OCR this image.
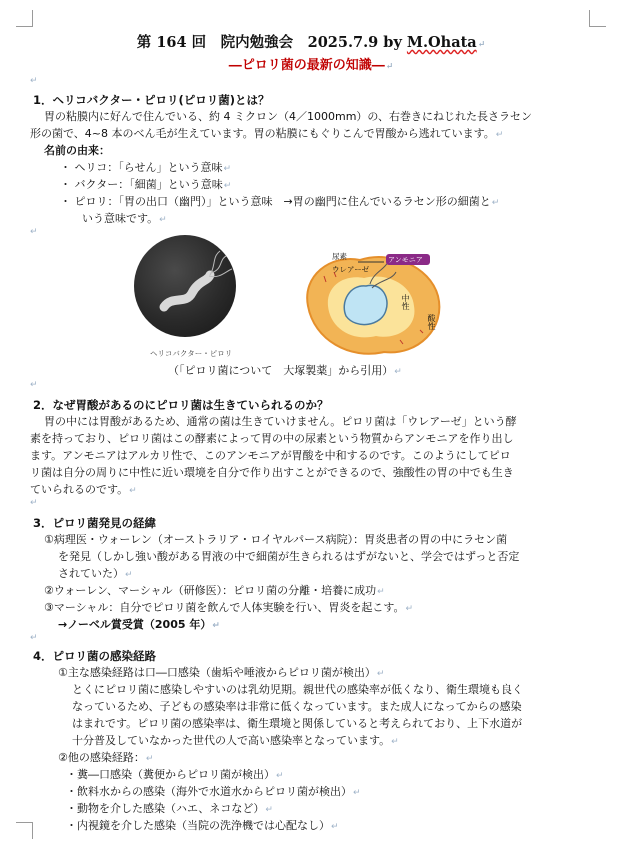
第 164 回　院内勉強会　2025.7.9 by M.Ohata↵
―ピロリ菌の最新の知識―↵
↵
1．ヘリコバクター・ピロリ(ピロリ菌)とは？
胃の粘膜内に好んで住んでいる、約 4 ミクロン（4／1000mm）の、右巻きにねじれた長さラセン
形の菌で、4~8 本のべん毛が生えています。胃の粘膜にもぐりこんで胃酸から逃れています。↵
名前の由来：
・ ヘリコ：「らせん」という意味↵
・ バクター：「細菌」という意味↵
・ ピロリ：「胃の出口（幽門）」という意味　→胃の幽門に住んでいるラセン形の細菌と↵
いう意味です。↵
↵
ヘリコバクター・ピロリ
尿素	アンモニア
ウレアーゼ
中性
酸性
（「ピロリ菌について　大塚製薬」から引用）↵
↵
2．なぜ胃酸があるのにピロリ菌は生きていられるのか？
胃の中には胃酸があるため、通常の菌は生きていけません。ピロリ菌は「ウレアーゼ」という酵
素を持っており、ピロリ菌はこの酵素によって胃の中の尿素という物質からアンモニアを作り出し
ます。アンモニアはアルカリ性で、このアンモニアが胃酸を中和するのです。このようにしてピロ
リ菌は自分の周りに中性に近い環境を自分で作り出すことができるので、強酸性の胃の中でも生き
ていられるのです。↵
↵
3．ピロリ菌発見の経緯
①病理医・ウォーレン（オーストラリア・ロイヤルパース病院）：胃炎患者の胃の中にラセン菌
を発見（しかし強い酸がある胃液の中で細菌が生きられるはずがないと、学会ではずっと否定
されていた）↵
②ウォーレン、マーシャル（研修医）：ピロリ菌の分離・培養に成功↵
③マーシャル：自分でピロリ菌を飲んで人体実験を行い、胃炎を起こす。↵
→ノーベル賞受賞（2005 年）↵
↵
4．ピロリ菌の感染経路
①主な感染経路は口―口感染（歯垢や唾液からピロリ菌が検出）↵
とくにピロリ菌に感染しやすいのは乳幼児期。親世代の感染率が低くなり、衛生環境も良く
なっているため、子どもの感染率は非常に低くなっています。また成人になってからの感染
はまれです。ピロリ菌の感染率は、衛生環境と関係していると考えられており、上下水道が
十分普及していなかった世代の人で高い感染率となっています。↵
②他の感染経路：↵
・糞―口感染（糞便からピロリ菌が検出）↵
・飲料水からの感染（海外で水道水からピロリ菌が検出）↵
・動物を介した感染（ハエ、ネコなど）↵
・内視鏡を介した感染（当院の洗浄機では心配なし）↵
